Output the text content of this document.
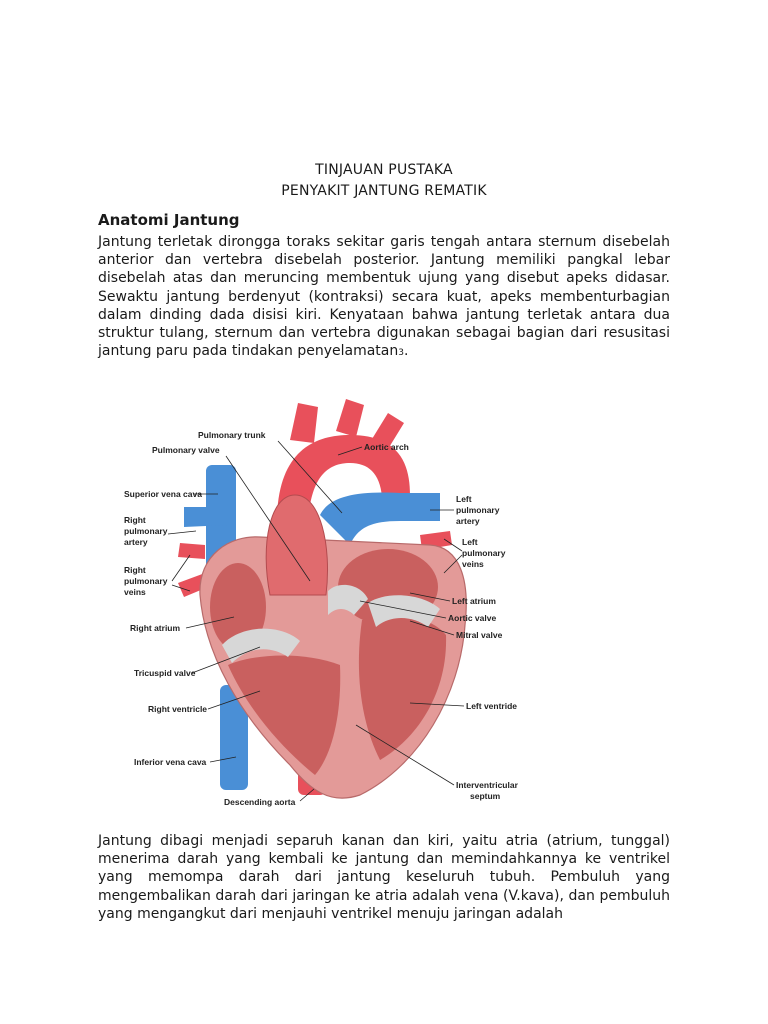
TINJAUAN PUSTAKA
PENYAKIT JANTUNG REMATIK
Anatomi Jantung

Jantung terletak dirongga toraks sekitar garis tengah antara sternum disebelah anterior dan vertebra disebelah posterior. Jantung memiliki pangkal lebar disebelah atas dan meruncing membentuk ujung yang disebut apeks didasar. Sewaktu jantung berdenyut (kontraksi) secara kuat, apeks membenturbagian dalam dinding dada disisi kiri. Kenyataan bahwa jantung terletak antara dua struktur tulang, sternum dan vertebra digunakan sebagai bagian dari resusitasi jantung paru pada tindakan penyelamatan3.

Pulmonary trunk
Pulmonary valve	Aortic arch
Superior vena cava	Left
pulmonary
artery
Right
pulmonary
artery	Left
pulmonary
veins
Right
pulmonary
veins
Left atrium
Aortic valve
Mitral valve
Right atrium
Tricuspid valve
Left ventride
Right ventricle
Inferior vena cava
Interventricular
septum
Descending aorta

Jantung dibagi menjadi separuh kanan dan kiri, yaitu atria (atrium, tunggal) menerima darah yang kembali ke jantung dan memindahkannya ke ventrikel yang memompa darah dari jantung keseluruh tubuh. Pembuluh yang mengembalikan darah dari jaringan ke atria adalah vena (V.kava), dan pembuluh yang mengangkut dari menjauhi ventrikel menuju jaringan adalah
